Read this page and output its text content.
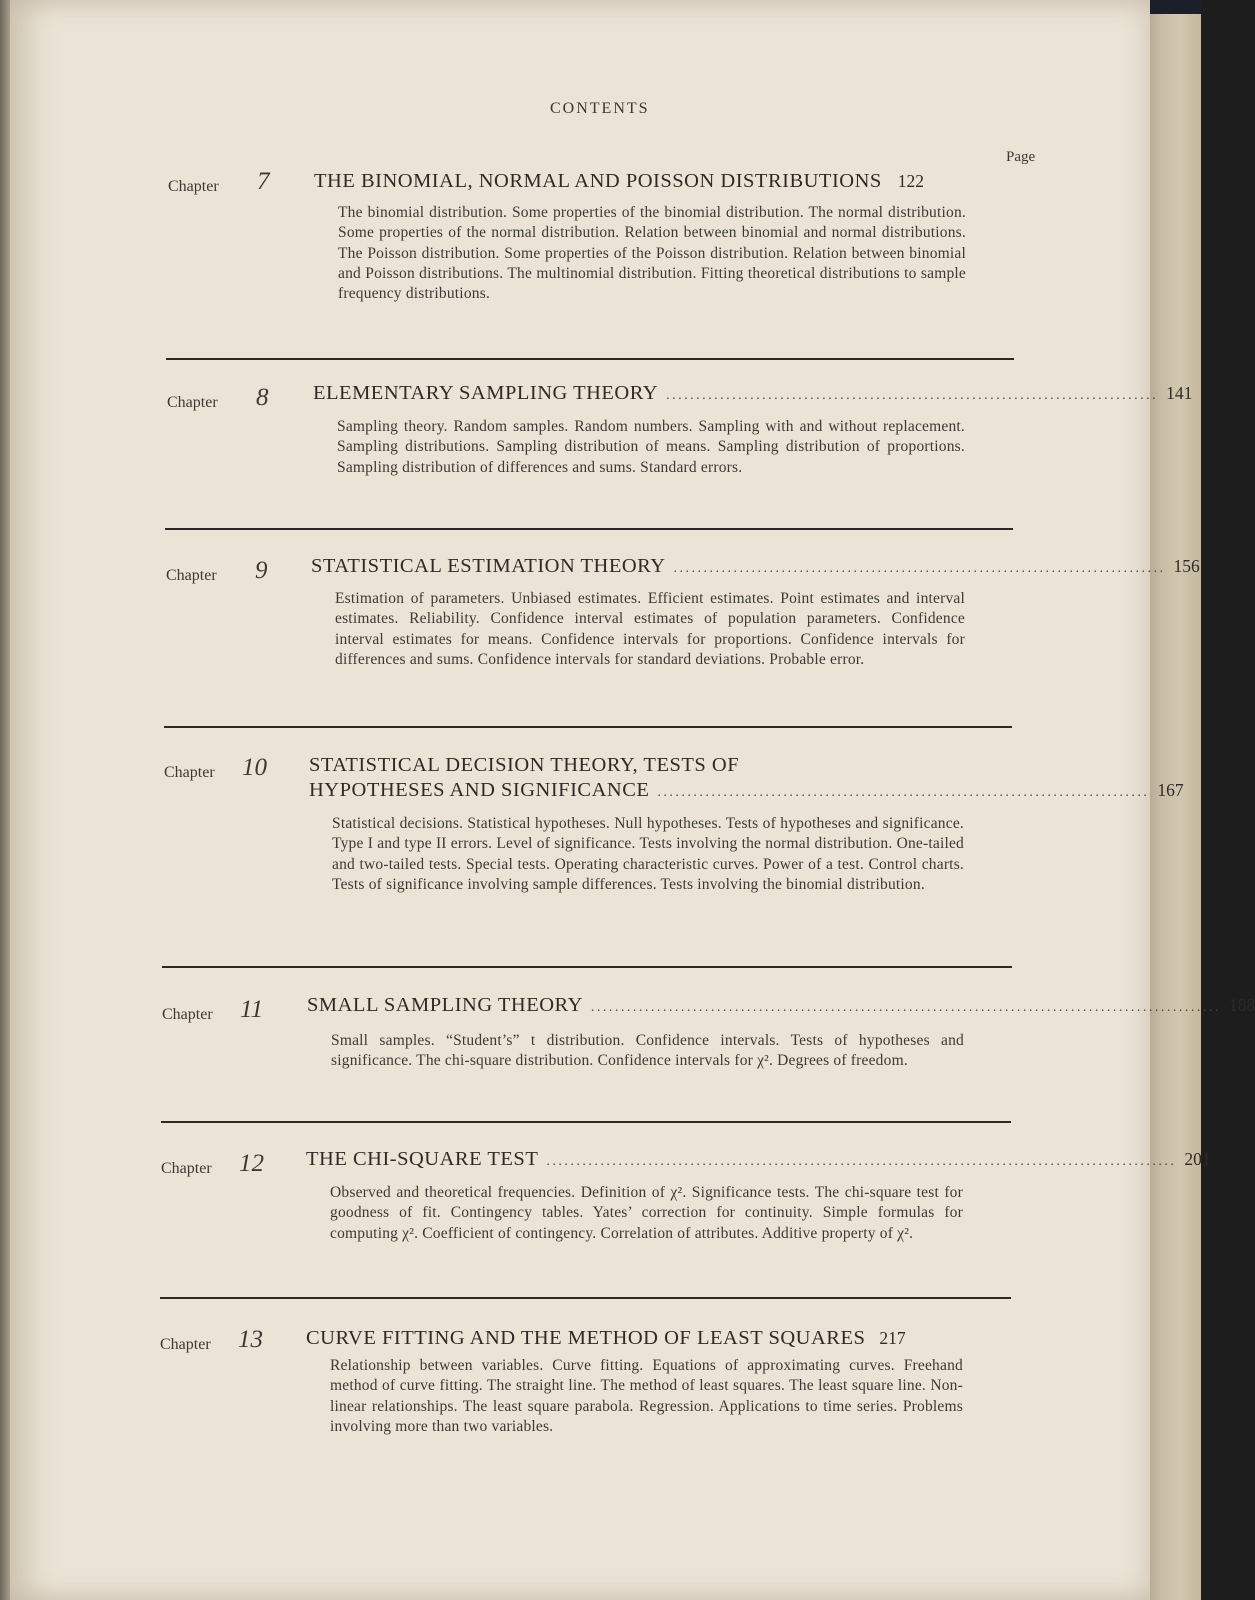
CONTENTS
Page
Chapter 7 THE BINOMIAL, NORMAL AND POISSON DISTRIBUTIONS 122
The binomial distribution. Some properties of the binomial distribution. The normal distribution. Some properties of the normal distribution. Relation between binomial and normal distributions. The Poisson distribution. Some properties of the Poisson distribution. Relation between binomial and Poisson distributions. The multinomial distribution. Fitting theoretical distributions to sample frequency distributions.
Chapter 8 ELEMENTARY SAMPLING THEORY .................................................................................. 141
Sampling theory. Random samples. Random numbers. Sampling with and without replacement. Sampling distributions. Sampling distribution of means. Sampling distribution of proportions. Sampling distribution of differences and sums. Standard errors.
Chapter 9 STATISTICAL ESTIMATION THEORY .................................................................................. 156
Estimation of parameters. Unbiased estimates. Efficient estimates. Point estimates and interval estimates. Reliability. Confidence interval estimates of population parameters. Confidence interval estimates for means. Confidence intervals for proportions. Confidence intervals for differences and sums. Confidence intervals for standard deviations. Probable error.
Chapter 10 STATISTICAL DECISION THEORY, TESTS OF
HYPOTHESES AND SIGNIFICANCE .................................................................................. 167
Statistical decisions. Statistical hypotheses. Null hypotheses. Tests of hypotheses and significance. Type I and type II errors. Level of significance. Tests involving the normal distribution. One-tailed and two-tailed tests. Special tests. Operating characteristic curves. Power of a test. Control charts. Tests of significance involving sample differences. Tests involving the binomial distribution.
Chapter 11 SMALL SAMPLING THEORY ......................................................................................................... 188
Small samples. “Student’s” t distribution. Confidence intervals. Tests of hypotheses and significance. The chi-square distribution. Confidence intervals for χ². Degrees of freedom.
Chapter 12 THE CHI-SQUARE TEST ......................................................................................................... 201
Observed and theoretical frequencies. Definition of χ². Significance tests. The chi-square test for goodness of fit. Contingency tables. Yates’ correction for continuity. Simple formulas for computing χ². Coefficient of contingency. Correlation of attributes. Additive property of χ².
Chapter 13 CURVE FITTING AND THE METHOD OF LEAST SQUARES 217
Relationship between variables. Curve fitting. Equations of approximating curves. Freehand method of curve fitting. The straight line. The method of least squares. The least square line. Non-linear relationships. The least square parabola. Regression. Applications to time series. Problems involving more than two variables.
